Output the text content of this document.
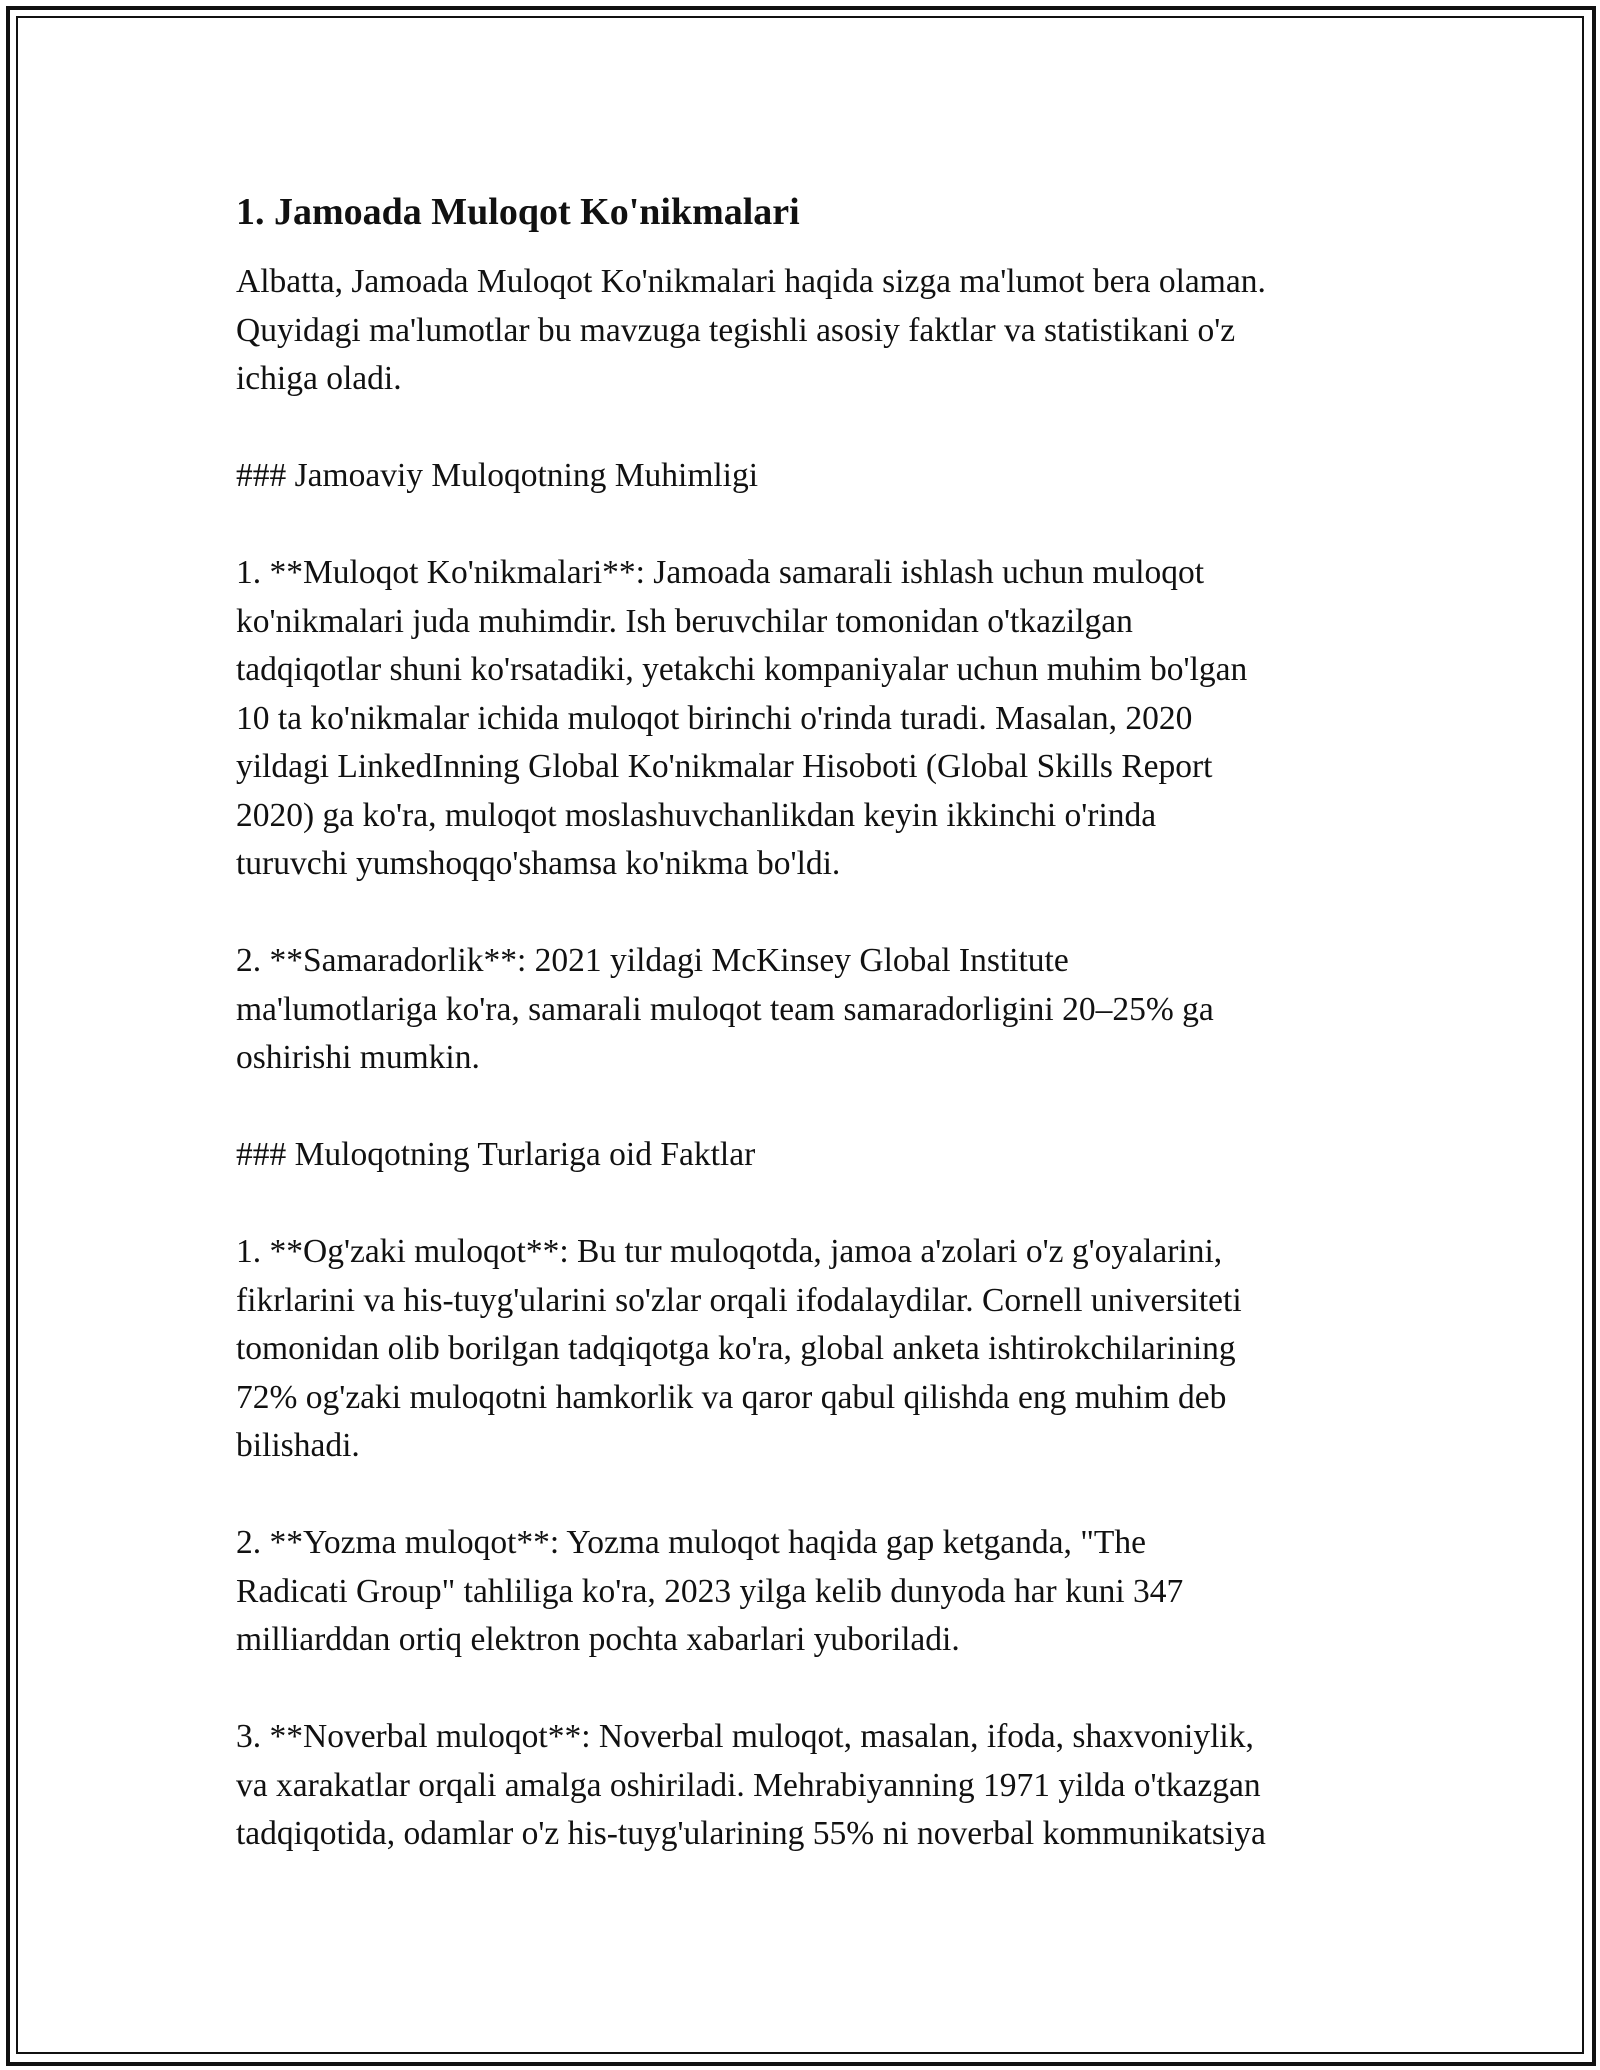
1. Jamoada Muloqot Ko'nikmalari

Albatta, Jamoada Muloqot Ko'nikmalari haqida sizga ma'lumot bera olaman.
Quyidagi ma'lumotlar bu mavzuga tegishli asosiy faktlar va statistikani o'z
ichiga oladi.

### Jamoaviy Muloqotning Muhimligi

1. **Muloqot Ko'nikmalari**: Jamoada samarali ishlash uchun muloqot
ko'nikmalari juda muhimdir. Ish beruvchilar tomonidan o'tkazilgan
tadqiqotlar shuni ko'rsatadiki, yetakchi kompaniyalar uchun muhim bo'lgan
10 ta ko'nikmalar ichida muloqot birinchi o'rinda turadi. Masalan, 2020
yildagi LinkedInning Global Ko'nikmalar Hisoboti (Global Skills Report
2020) ga ko'ra, muloqot moslashuvchanlikdan keyin ikkinchi o'rinda
turuvchi yumshoqqo'shamsa ko'nikma bo'ldi.

2. **Samaradorlik**: 2021 yildagi McKinsey Global Institute
ma'lumotlariga ko'ra, samarali muloqot team samaradorligini 20–25% ga
oshirishi mumkin.

### Muloqotning Turlariga oid Faktlar

1. **Og'zaki muloqot**: Bu tur muloqotda, jamoa a'zolari o'z g'oyalarini,
fikrlarini va his-tuyg'ularini so'zlar orqali ifodalaydilar. Cornell universiteti
tomonidan olib borilgan tadqiqotga ko'ra, global anketa ishtirokchilarining
72% og'zaki muloqotni hamkorlik va qaror qabul qilishda eng muhim deb
bilishadi.

2. **Yozma muloqot**: Yozma muloqot haqida gap ketganda, "The
Radicati Group" tahliliga ko'ra, 2023 yilga kelib dunyoda har kuni 347
milliarddan ortiq elektron pochta xabarlari yuboriladi.

3. **Noverbal muloqot**: Noverbal muloqot, masalan, ifoda, shaxvoniylik,
va xarakatlar orqali amalga oshiriladi. Mehrabiyanning 1971 yilda o'tkazgan
tadqiqotida, odamlar o'z his-tuyg'ularining 55% ni noverbal kommunikatsiya
